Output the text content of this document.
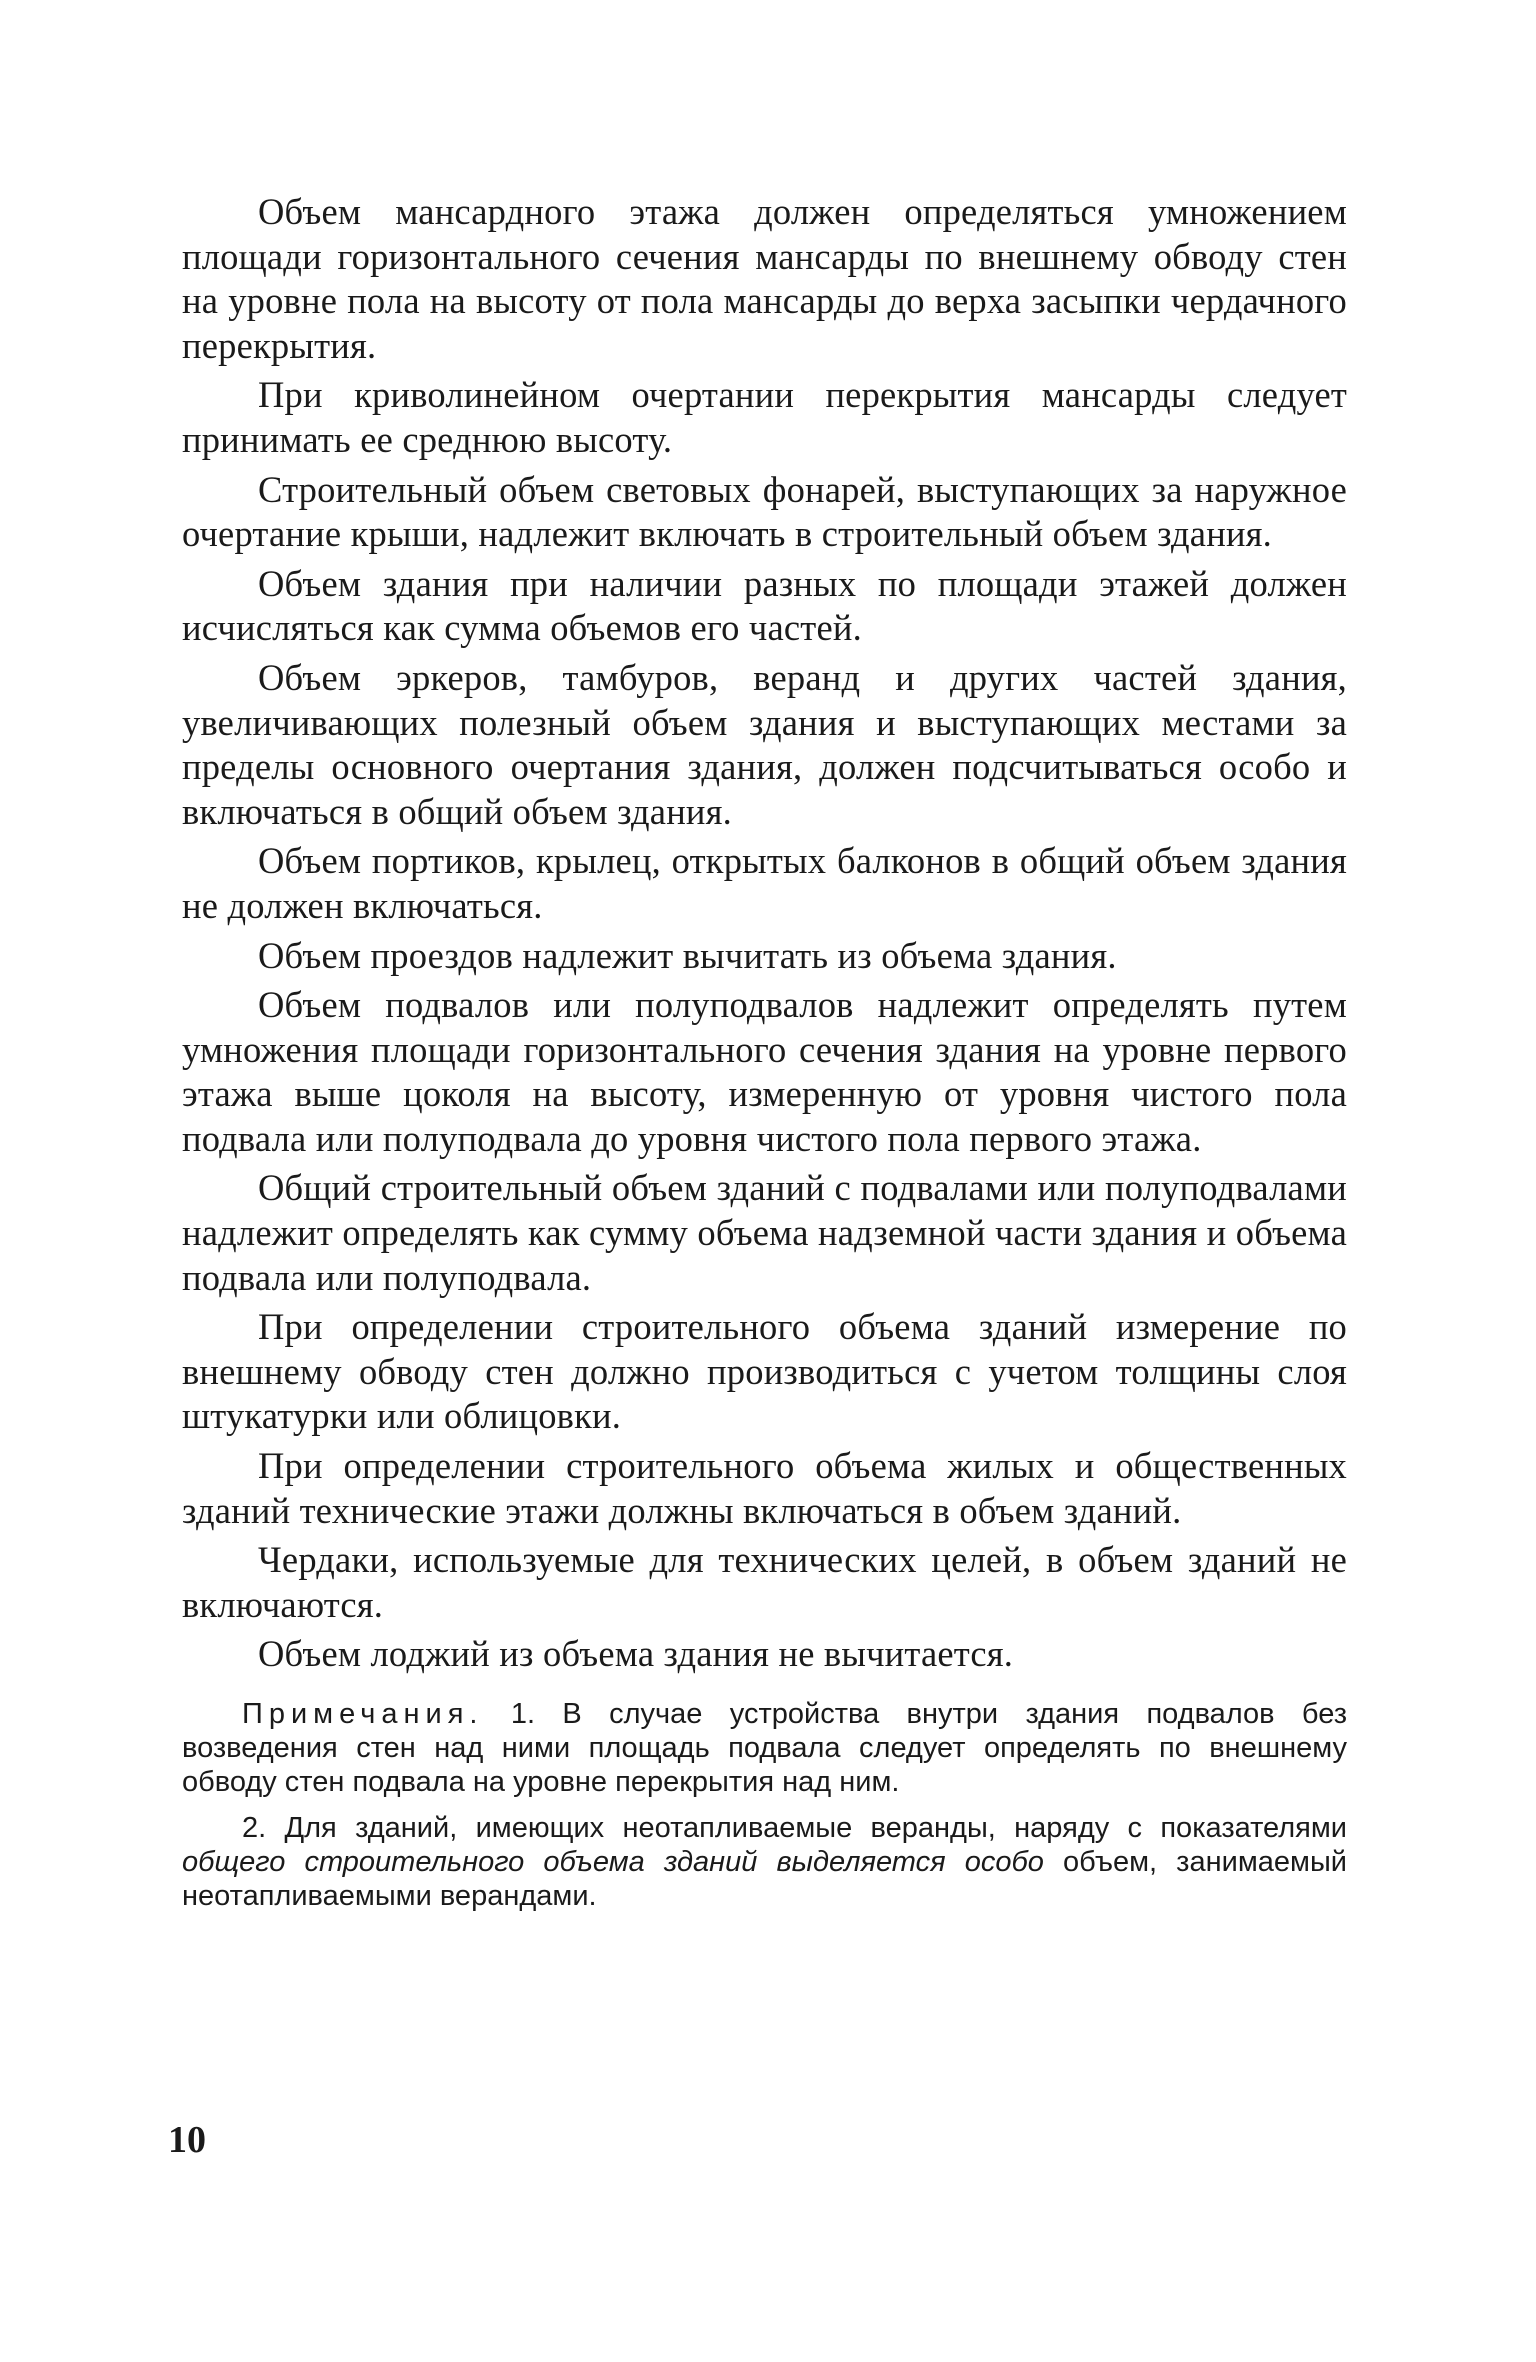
Объем мансардного этажа должен определяться умножением площади горизонтального сечения мансарды по внешнему обводу стен на уровне пола на высоту от пола мансарды до верха засыпки чердачного перекрытия.

При криволинейном очертании перекрытия мансарды следует принимать ее среднюю высоту.

Строительный объем световых фонарей, выступающих за наружное очертание крыши, надлежит включать в строительный объем здания.

Объем здания при наличии разных по площади этажей должен исчисляться как сумма объемов его частей.

Объем эркеров, тамбуров, веранд и других частей здания, увеличивающих полезный объем здания и выступающих местами за пределы основного очертания здания, должен подсчитываться особо и включаться в общий объем здания.

Объем портиков, крылец, открытых балконов в общий объем здания не должен включаться.

Объем проездов надлежит вычитать из объема здания.

Объем подвалов или полуподвалов надлежит определять путем умножения площади горизонтального сечения здания на уровне первого этажа выше цоколя на высоту, измеренную от уровня чистого пола подвала или полуподвала до уровня чистого пола первого этажа.

Общий строительный объем зданий с подвалами или полуподвалами надлежит определять как сумму объема надземной части здания и объема подвала или полуподвала.

При определении строительного объема зданий измерение по внешнему обводу стен должно производиться с учетом толщины слоя штукатурки или облицовки.

При определении строительного объема жилых и общественных зданий технические этажи должны включаться в объем зданий.

Чердаки, используемые для технических целей, в объем зданий не включаются.

Объем лоджий из объема здания не вычитается.

Примечания. 1. В случае устройства внутри здания подвалов без возведения стен над ними площадь подвала следует определять по внешнему обводу стен подвала на уровне перекрытия над ним.

2. Для зданий, имеющих неотапливаемые веранды, наряду с показателями общего строительного объема зданий выделяется особо объем, занимаемый неотапливаемыми верандами.

10
